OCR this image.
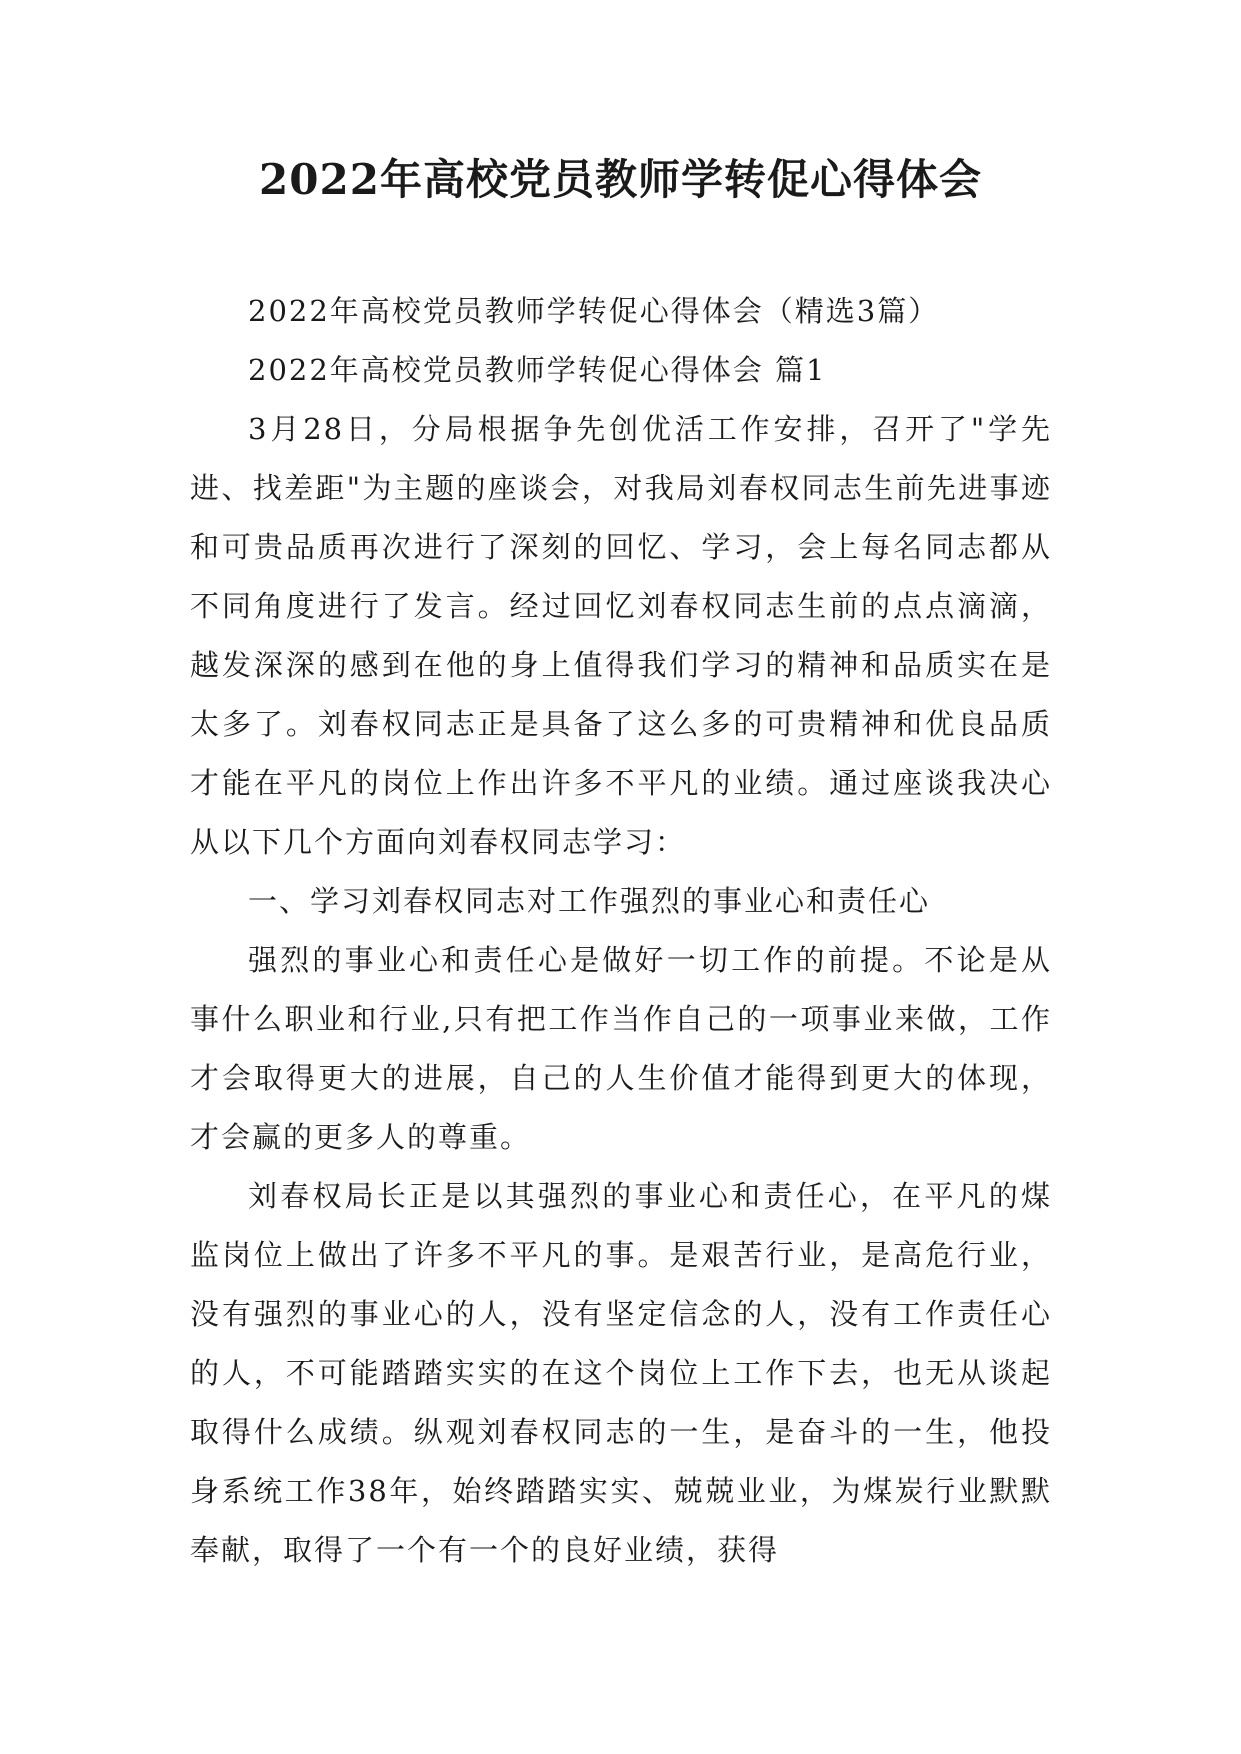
2022年高校党员教师学转促心得体会

2022年高校党员教师学转促心得体会（精选3篇）

2022年高校党员教师学转促心得体会 篇1

3月28日，分局根据争先创优活工作安排，召开了"学先进、找差距"为主题的座谈会，对我局刘春权同志生前先进事迹和可贵品质再次进行了深刻的回忆、学习，会上每名同志都从不同角度进行了发言。经过回忆刘春权同志生前的点点滴滴，越发深深的感到在他的身上值得我们学习的精神和品质实在是太多了。刘春权同志正是具备了这么多的可贵精神和优良品质才能在平凡的岗位上作出许多不平凡的业绩。通过座谈我决心从以下几个方面向刘春权同志学习：

一、学习刘春权同志对工作强烈的事业心和责任心

强烈的事业心和责任心是做好一切工作的前提。不论是从事什么职业和行业,只有把工作当作自己的一项事业来做，工作才会取得更大的进展，自己的人生价值才能得到更大的体现，才会赢的更多人的尊重。

刘春权局长正是以其强烈的事业心和责任心，在平凡的煤监岗位上做出了许多不平凡的事。是艰苦行业，是高危行业，没有强烈的事业心的人，没有坚定信念的人，没有工作责任心的人，不可能踏踏实实的在这个岗位上工作下去，也无从谈起取得什么成绩。纵观刘春权同志的一生，是奋斗的一生，他投身系统工作38年，始终踏踏实实、兢兢业业，为煤炭行业默默奉献，取得了一个有一个的良好业绩，获得
